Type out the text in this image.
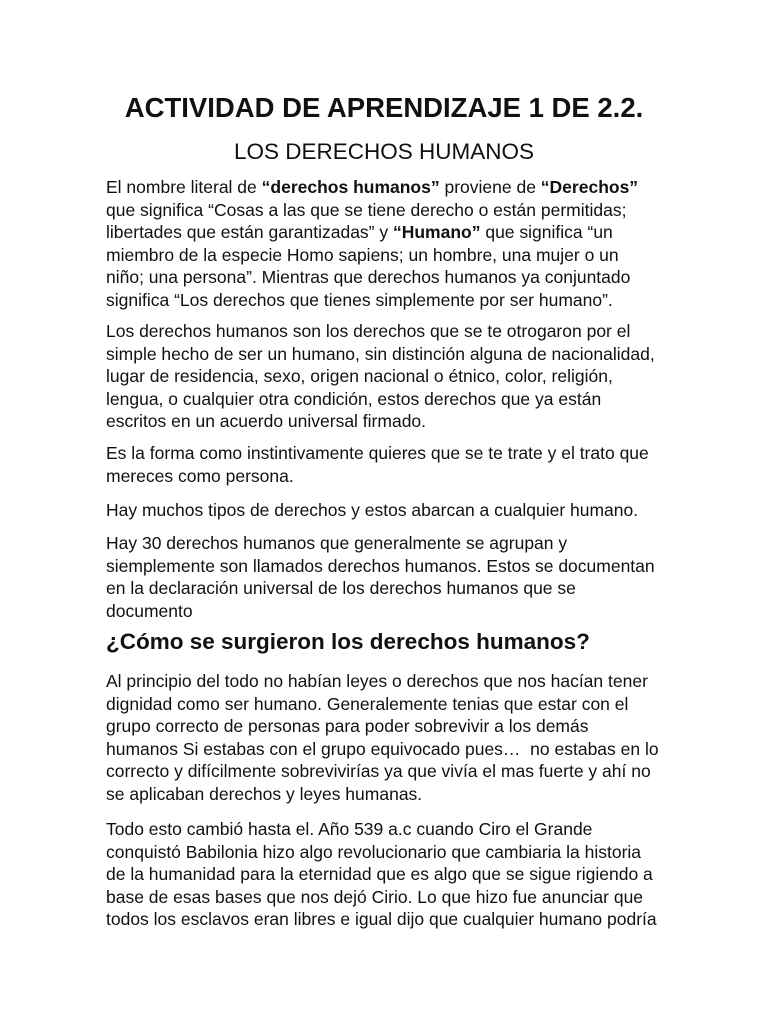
ACTIVIDAD DE APRENDIZAJE 1 DE 2.2.
LOS DERECHOS HUMANOS
El nombre literal de “derechos humanos” proviene de “Derechos”
que significa “Cosas a las que se tiene derecho o están permitidas;
libertades que están garantizadas” y “Humano” que significa “un
miembro de la especie Homo sapiens; un hombre, una mujer o un
niño; una persona”. Mientras que derechos humanos ya conjuntado
significa “Los derechos que tienes simplemente por ser humano”.
Los derechos humanos son los derechos que se te otrogaron por el
simple hecho de ser un humano, sin distinción alguna de nacionalidad,
lugar de residencia, sexo, origen nacional o étnico, color, religión,
lengua, o cualquier otra condición, estos derechos que ya están
escritos en un acuerdo universal firmado.
Es la forma como instintivamente quieres que se te trate y el trato que
mereces como persona.
Hay muchos tipos de derechos y estos abarcan a cualquier humano.
Hay 30 derechos humanos que generalmente se agrupan y
siemplemente son llamados derechos humanos. Estos se documentan
en la declaración universal de los derechos humanos que se
documento
¿Cómo se surgieron los derechos humanos?
Al principio del todo no habían leyes o derechos que nos hacían tener
dignidad como ser humano. Generalemente tenias que estar con el
grupo correcto de personas para poder sobrevivir a los demás
humanos Si estabas con el grupo equivocado pues…  no estabas en lo
correcto y difícilmente sobrevivirías ya que vivía el mas fuerte y ahí no
se aplicaban derechos y leyes humanas.
Todo esto cambió hasta el. Año 539 a.c cuando Ciro el Grande
conquistó Babilonia hizo algo revolucionario que cambiaria la historia
de la humanidad para la eternidad que es algo que se sigue rigiendo a
base de esas bases que nos dejó Cirio. Lo que hizo fue anunciar que
todos los esclavos eran libres e igual dijo que cualquier humano podría
